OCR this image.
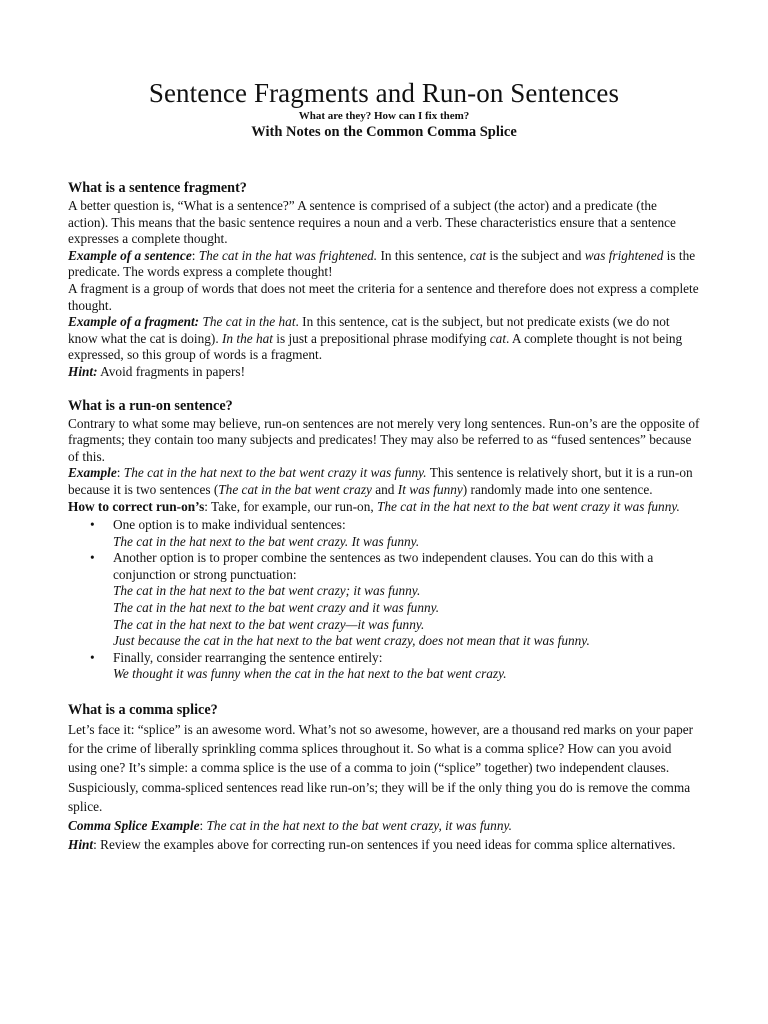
Sentence Fragments and Run-on Sentences
What are they? How can I fix them?
With Notes on the Common Comma Splice
What is a sentence fragment?

A better question is, “What is a sentence?” A sentence is comprised of a subject (the actor) and a predicate (the action). This means that the basic sentence requires a noun and a verb. These characteristics ensure that a sentence expresses a complete thought.

Example of a sentence: The cat in the hat was frightened. In this sentence, cat is the subject and was frightened is the predicate. The words express a complete thought!

A fragment is a group of words that does not meet the criteria for a sentence and therefore does not express a complete thought.

Example of a fragment: The cat in the hat. In this sentence, cat is the subject, but not predicate exists (we do not know what the cat is doing). In the hat is just a prepositional phrase modifying cat. A complete thought is not being expressed, so this group of words is a fragment.

Hint: Avoid fragments in papers!

What is a run-on sentence?

Contrary to what some may believe, run-on sentences are not merely very long sentences. Run-on’s are the opposite of fragments; they contain too many subjects and predicates! They may also be referred to as “fused sentences” because of this.

Example: The cat in the hat next to the bat went crazy it was funny. This sentence is relatively short, but it is a run-on because it is two sentences (The cat in the bat went crazy and It was funny) randomly made into one sentence.

How to correct run-on’s: Take, for example, our run-on, The cat in the hat next to the bat went crazy it was funny.

• One option is to make individual sentences:
The cat in the hat next to the bat went crazy. It was funny.
• Another option is to proper combine the sentences as two independent clauses. You can do this with a conjunction or strong punctuation:
The cat in the hat next to the bat went crazy; it was funny.
The cat in the hat next to the bat went crazy and it was funny.
The cat in the hat next to the bat went crazy—it was funny.
Just because the cat in the hat next to the bat went crazy, does not mean that it was funny.
• Finally, consider rearranging the sentence entirely:
We thought it was funny when the cat in the hat next to the bat went crazy.
What is a comma splice?

Let’s face it: “splice” is an awesome word. What’s not so awesome, however, are a thousand red marks on your paper for the crime of liberally sprinkling comma splices throughout it. So what is a comma splice? How can you avoid using one? It’s simple: a comma splice is the use of a comma to join (“splice” together) two independent clauses. Suspiciously, comma-spliced sentences read like run-on’s; they will be if the only thing you do is remove the comma splice.

Comma Splice Example: The cat in the hat next to the bat went crazy, it was funny.

Hint: Review the examples above for correcting run-on sentences if you need ideas for comma splice alternatives.
